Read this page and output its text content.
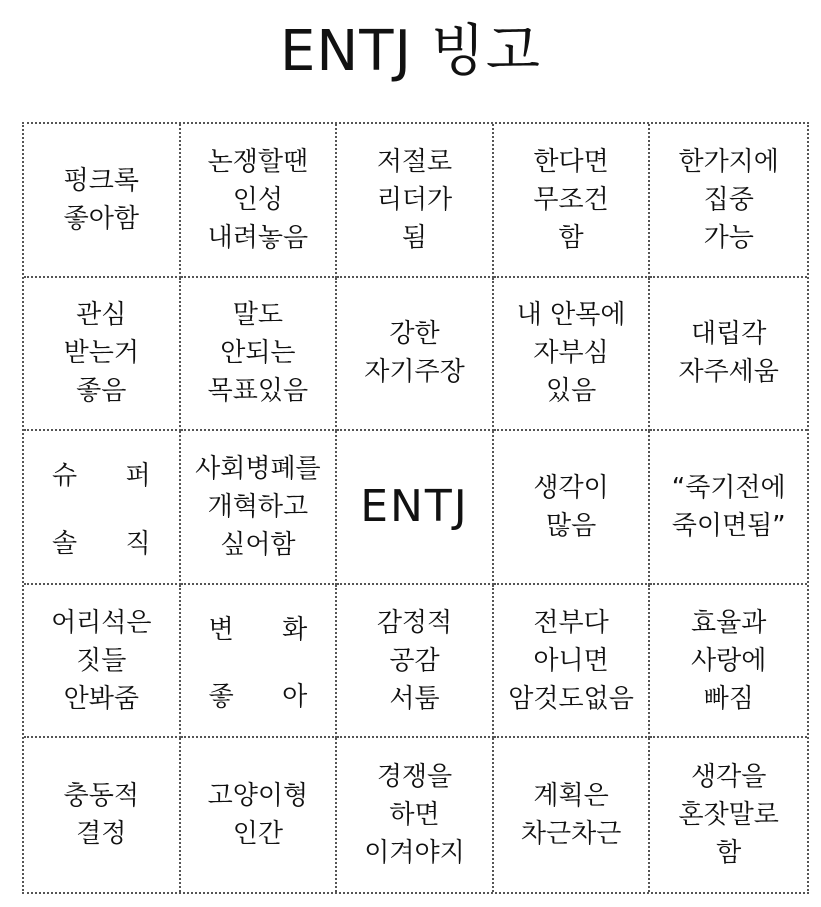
ENTJ 빙고
펑크록
좋아함
논쟁할땐
인성
내려놓음
저절로
리더가
됨
한다면
무조건
함
한가지에
집중
가능
관심
받는거
좋음
말도
안되는
목표있음
강한
자기주장
내 안목에
자부심
있음
대립각
자주세움
슈 퍼
솔 직
사회병폐를
개혁하고
싶어함
ENTJ 생각이
많음
“죽기전에
죽이면됨”
어리석은
짓들
안봐줌
변 화
좋 아
감정적
공감
서툼
전부다
아니면
암것도없음
효율과
사랑에
빠짐
충동적
결정
고양이형
인간
경쟁을
하면
이겨야지
계획은
차근차근
생각을
혼잣말로
함
